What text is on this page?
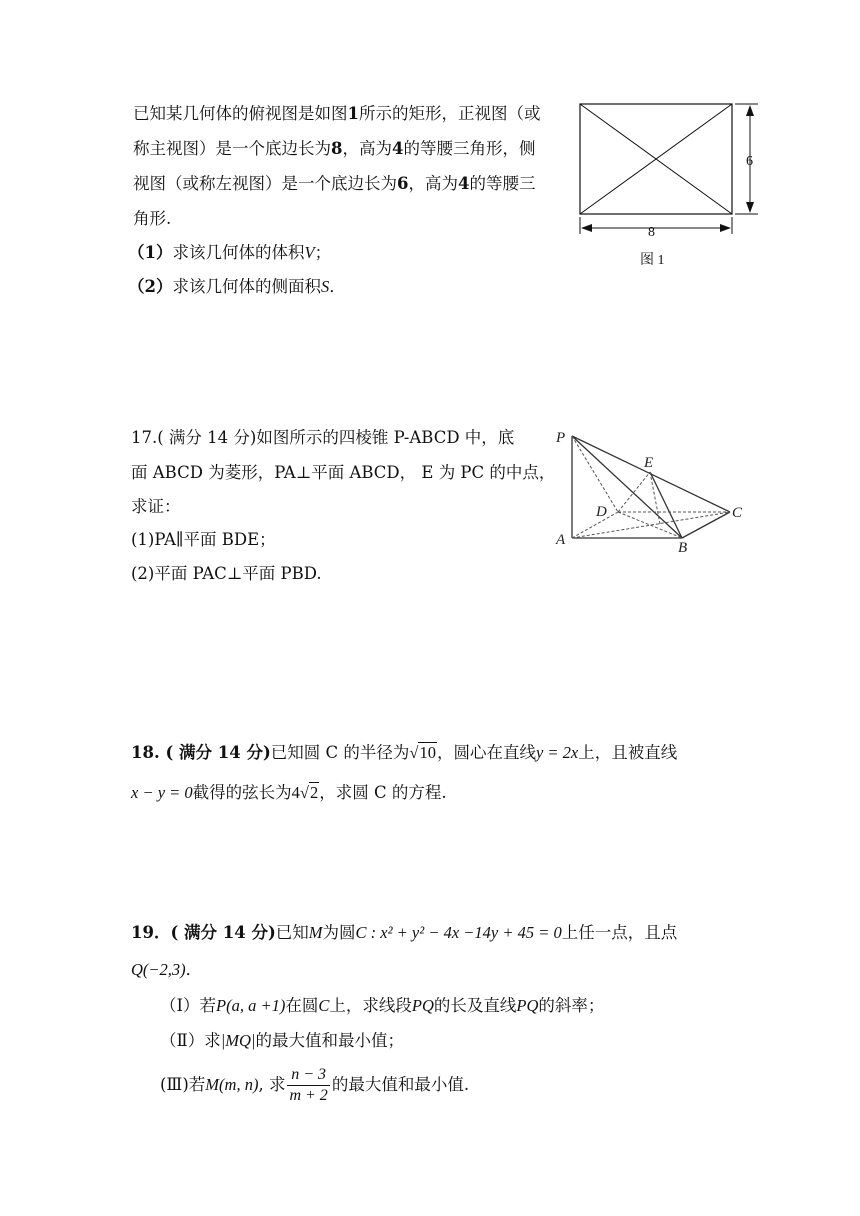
已知某几何体的俯视图是如图1所示的矩形，正视图（或
称主视图）是一个底边长为8，高为4的等腰三角形，侧
视图（或称左视图）是一个底边长为6，高为4的等腰三
角形.
（1）求该几何体的体积V；
（2）求该几何体的侧面积S．
6
8
图 1
17.( 满分 14 分)如图所示的四棱锥 P-ABCD 中，底
面 ABCD 为菱形，PA⊥平面 ABCD， E 为 PC 的中点，
求证：
(1)PA∥平面 BDE；
(2)平面 PAC⊥平面 PBD.
P
E
D	C
A	B
18. ( 满分 14 分)已知圆 C 的半径为√10，圆心在直线y = 2x上，且被直线
x − y = 0截得的弦长为4√2，求圆 C 的方程.
19．( 满分 14 分)已知M为圆C : x² + y² − 4x −14y + 45 = 0上任一点，且点
Q(−2,3)．
（Ⅰ）若P(a, a +1)在圆C上，求线段PQ的长及直线PQ的斜率；
（Ⅱ）求|MQ|的最大值和最小值；
(Ⅲ)若M(m, n), 求 $\frac{n - 3}{m + 2}$ 的最大值和最小值.
